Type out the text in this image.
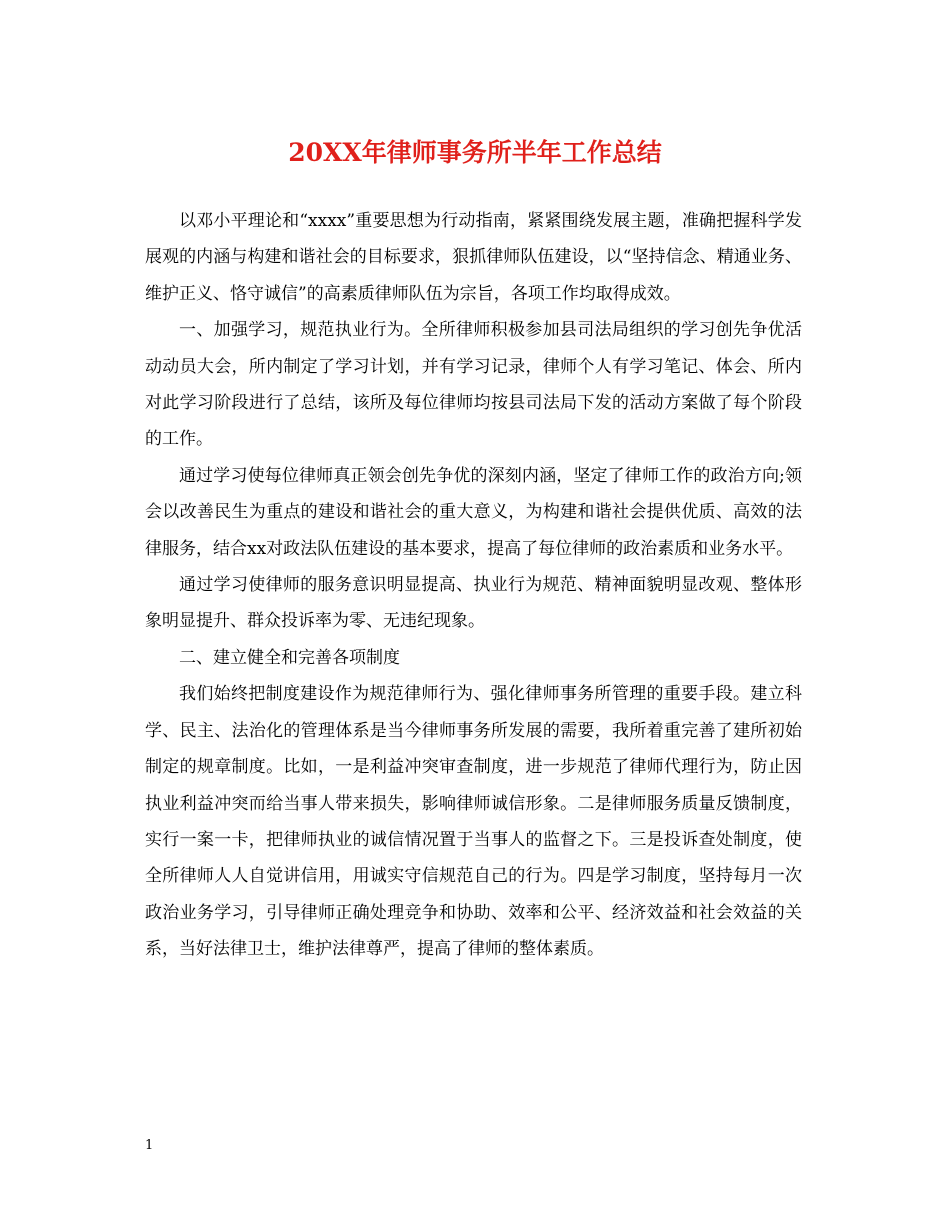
20XX年律师事务所半年工作总结

以邓小平理论和“xxxx”重要思想为行动指南，紧紧围绕发展主题，准确把握科学发展观的内涵与构建和谐社会的目标要求，狠抓律师队伍建设，以“坚持信念、精通业务、维护正义、恪守诚信”的高素质律师队伍为宗旨，各项工作均取得成效。

一、加强学习，规范执业行为。全所律师积极参加县司法局组织的学习创先争优活动动员大会，所内制定了学习计划，并有学习记录，律师个人有学习笔记、体会、所内对此学习阶段进行了总结，该所及每位律师均按县司法局下发的活动方案做了每个阶段的工作。

通过学习使每位律师真正领会创先争优的深刻内涵，坚定了律师工作的政治方向;领会以改善民生为重点的建设和谐社会的重大意义，为构建和谐社会提供优质、高效的法律服务，结合xx对政法队伍建设的基本要求，提高了每位律师的政治素质和业务水平。

通过学习使律师的服务意识明显提高、执业行为规范、精神面貌明显改观、整体形象明显提升、群众投诉率为零、无违纪现象。

二、建立健全和完善各项制度

我们始终把制度建设作为规范律师行为、强化律师事务所管理的重要手段。建立科学、民主、法治化的管理体系是当今律师事务所发展的需要，我所着重完善了建所初始制定的规章制度。比如，一是利益冲突审查制度，进一步规范了律师代理行为，防止因执业利益冲突而给当事人带来损失，影响律师诚信形象。二是律师服务质量反馈制度，实行一案一卡，把律师执业的诚信情况置于当事人的监督之下。三是投诉查处制度，使全所律师人人自觉讲信用，用诚实守信规范自己的行为。四是学习制度，坚持每月一次政治业务学习，引导律师正确处理竞争和协助、效率和公平、经济效益和社会效益的关系，当好法律卫士，维护法律尊严，提高了律师的整体素质。

1
